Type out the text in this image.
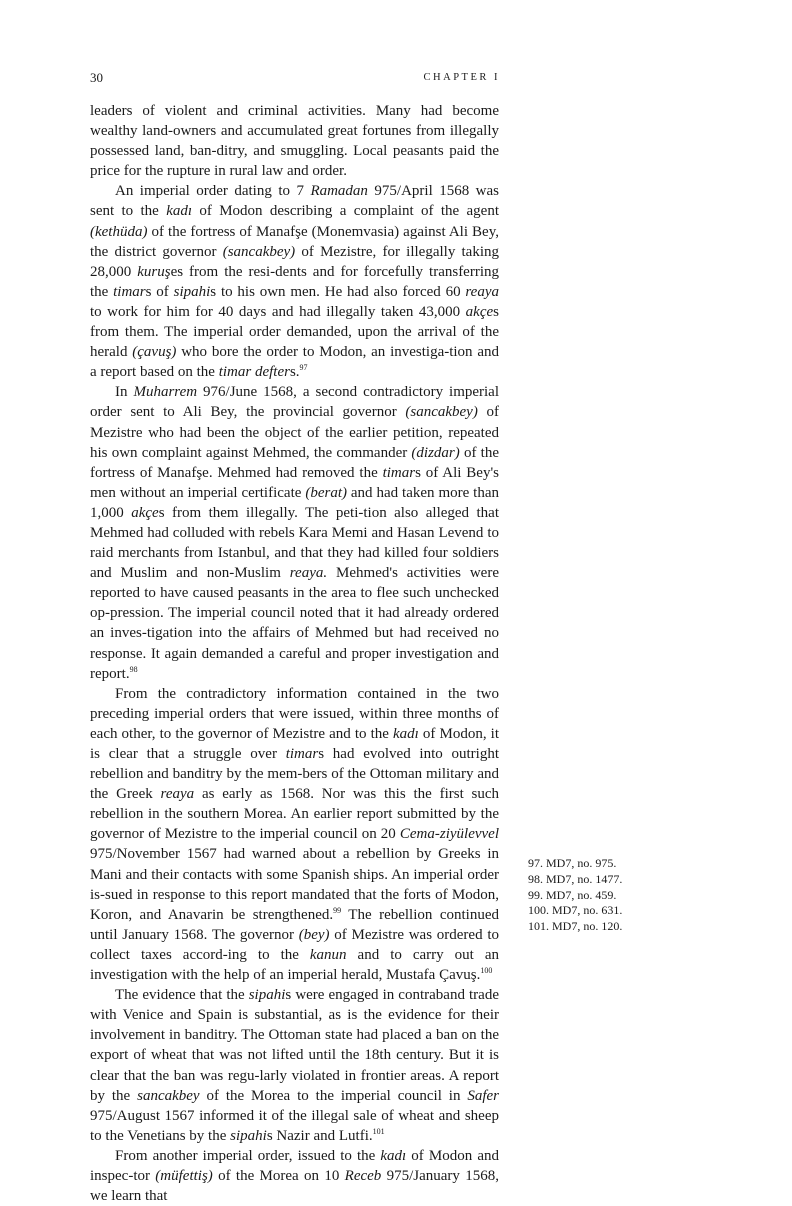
30	CHAPTER I

leaders of violent and criminal activities. Many had become wealthy land-owners and accumulated great fortunes from illegally possessed land, ban-ditry, and smuggling. Local peasants paid the price for the rupture in rural law and order.

An imperial order dating to 7 Ramadan 975/April 1568 was sent to the kadı of Modon describing a complaint of the agent (kethüda) of the fortress of Manafşe (Monemvasia) against Ali Bey, the district governor (sancakbey) of Mezistre, for illegally taking 28,000 kuruşes from the resi-dents and for forcefully transferring the timars of sipahis to his own men. He had also forced 60 reaya to work for him for 40 days and had illegally taken 43,000 akçes from them. The imperial order demanded, upon the arrival of the herald (çavuş) who bore the order to Modon, an investiga-tion and a report based on the timar defters.$^{97}$

In Muharrem 976/June 1568, a second contradictory imperial order sent to Ali Bey, the provincial governor (sancakbey) of Mezistre who had been the object of the earlier petition, repeated his own complaint against Mehmed, the commander (dizdar) of the fortress of Manafşe. Mehmed had removed the timars of Ali Bey's men without an imperial certificate (berat) and had taken more than 1,000 akçes from them illegally. The peti-tion also alleged that Mehmed had colluded with rebels Kara Memi and Hasan Levend to raid merchants from Istanbul, and that they had killed four soldiers and Muslim and non-Muslim reaya. Mehmed's activities were reported to have caused peasants in the area to flee such unchecked op-pression. The imperial council noted that it had already ordered an inves-tigation into the affairs of Mehmed but had received no response. It again demanded a careful and proper investigation and report.$^{98}$

From the contradictory information contained in the two preceding imperial orders that were issued, within three months of each other, to the governor of Mezistre and to the kadı of Modon, it is clear that a struggle over timars had evolved into outright rebellion and banditry by the mem-bers of the Ottoman military and the Greek reaya as early as 1568. Nor was this the first such rebellion in the southern Morea. An earlier report submitted by the governor of Mezistre to the imperial council on 20 Cema-ziyülevvel 975/November 1567 had warned about a rebellion by Greeks in Mani and their contacts with some Spanish ships. An imperial order is-sued in response to this report mandated that the forts of Modon, Koron, and Anavarin be strengthened.$^{99}$ The rebellion continued until January 1568. The governor (bey) of Mezistre was ordered to collect taxes accord-ing to the kanun and to carry out an investigation with the help of an imperial herald, Mustafa Çavuş.$^{100}$

The evidence that the sipahis were engaged in contraband trade with Venice and Spain is substantial, as is the evidence for their involvement in banditry. The Ottoman state had placed a ban on the export of wheat that was not lifted until the 18th century. But it is clear that the ban was regu-larly violated in frontier areas. A report by the sancakbey of the Morea to the imperial council in Safer 975/August 1567 informed it of the illegal sale of wheat and sheep to the Venetians by the sipahis Nazir and Lutfi.$^{101}$

From another imperial order, issued to the kadı of Modon and inspec-tor (müfettiş) of the Morea on 10 Receb 975/January 1568, we learn that

97. MD7, no. 975.
98. MD7, no. 1477.
99. MD7, no. 459.
100. MD7, no. 631.
101. MD7, no. 120.
